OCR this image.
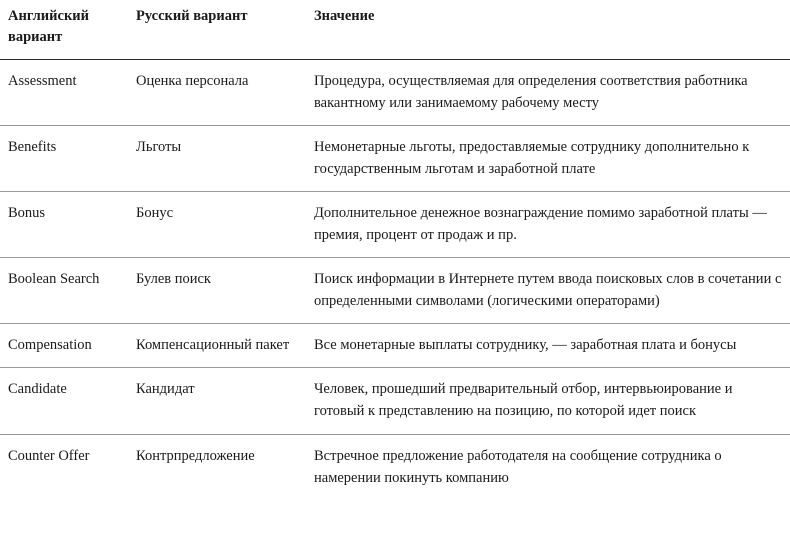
Английский вариант	Русский вариант	Значение
Assessment	Оценка персонала	Процедура, осуществляемая для определения соответствия работника вакантному или занимаемому рабочему месту
Benefits	Льготы	Немонетарные льготы, предоставляемые сотруднику дополнительно к государственным льготам и заработной плате
Bonus	Бонус	Дополнительное денежное вознаграждение помимо заработной платы — премия, процент от продаж и пр.
Boolean Search	Булев поиск	Поиск информации в Интернете путем ввода поисковых слов в сочетании с определенными символами (логическими операторами)
Compensation	Компенсационный пакет	Все монетарные выплаты сотруднику, — заработная плата и бонусы
Candidate	Кандидат	Человек, прошедший предварительный отбор, интервьюирование и готовый к представлению на позицию, по которой идет поиск
Counter Offer	Контрпредложение	Встречное предложение работодателя на сообщение сотрудника о намерении покинуть компанию
